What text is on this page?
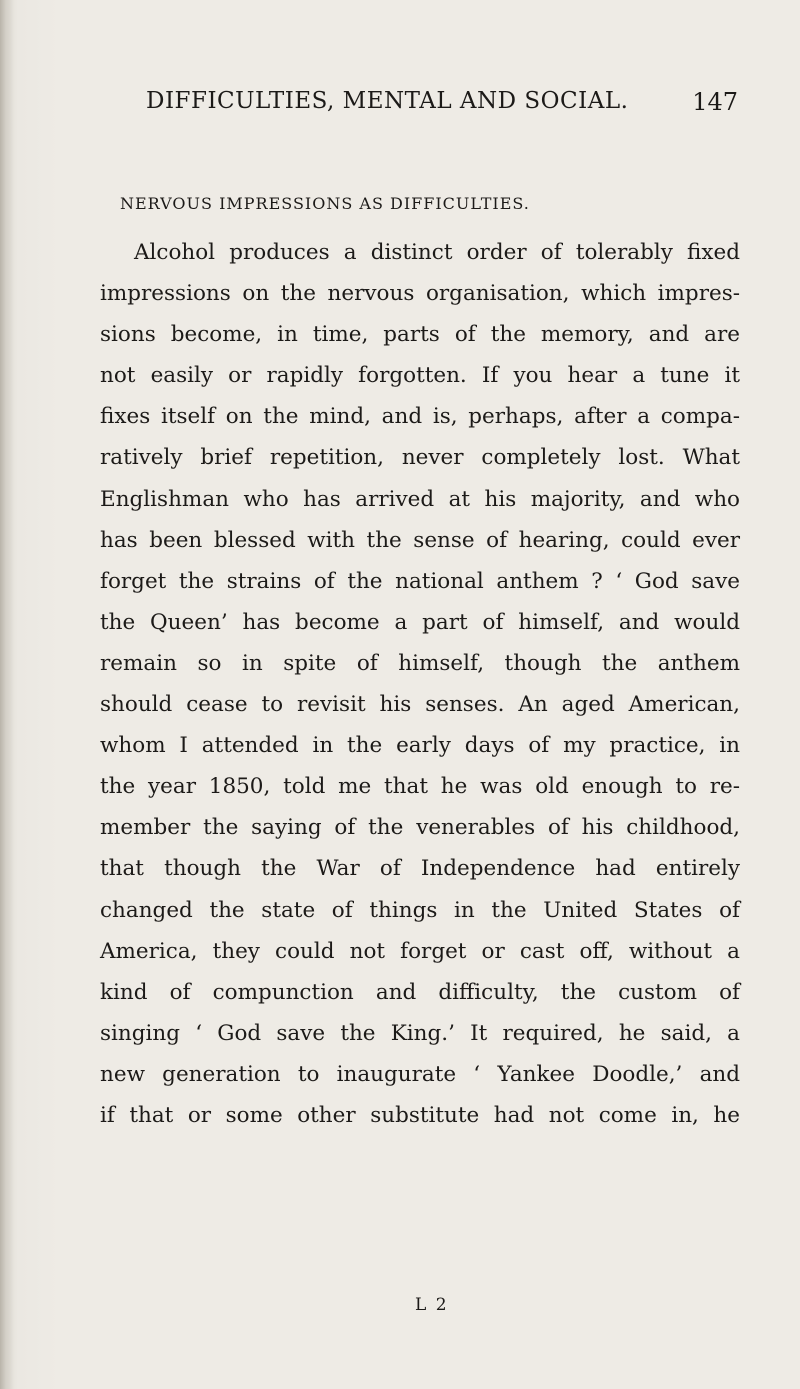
DIFFICULTIES, MENTAL AND SOCIAL.	147
NERVOUS IMPRESSIONS AS DIFFICULTIES.
Alcohol produces a distinct order of tolerably fixed
impressions on the nervous organisation, which impres-
sions become, in time, parts of the memory, and are
not easily or rapidly forgotten. If you hear a tune it
fixes itself on the mind, and is, perhaps, after a compa-
ratively brief repetition, never completely lost. What
Englishman who has arrived at his majority, and who
has been blessed with the sense of hearing, could ever
forget the strains of the national anthem ? ‘ God save
the Queen’ has become a part of himself, and would
remain so in spite of himself, though the anthem
should cease to revisit his senses. An aged American,
whom I attended in the early days of my practice, in
the year 1850, told me that he was old enough to re-
member the saying of the venerables of his childhood,
that though the War of Independence had entirely
changed the state of things in the United States of
America, they could not forget or cast off, without a
kind of compunction and difficulty, the custom of
singing ‘ God save the King.’ It required, he said, a
new generation to inaugurate ‘ Yankee Doodle,’ and
if that or some other substitute had not come in, he
L 2
